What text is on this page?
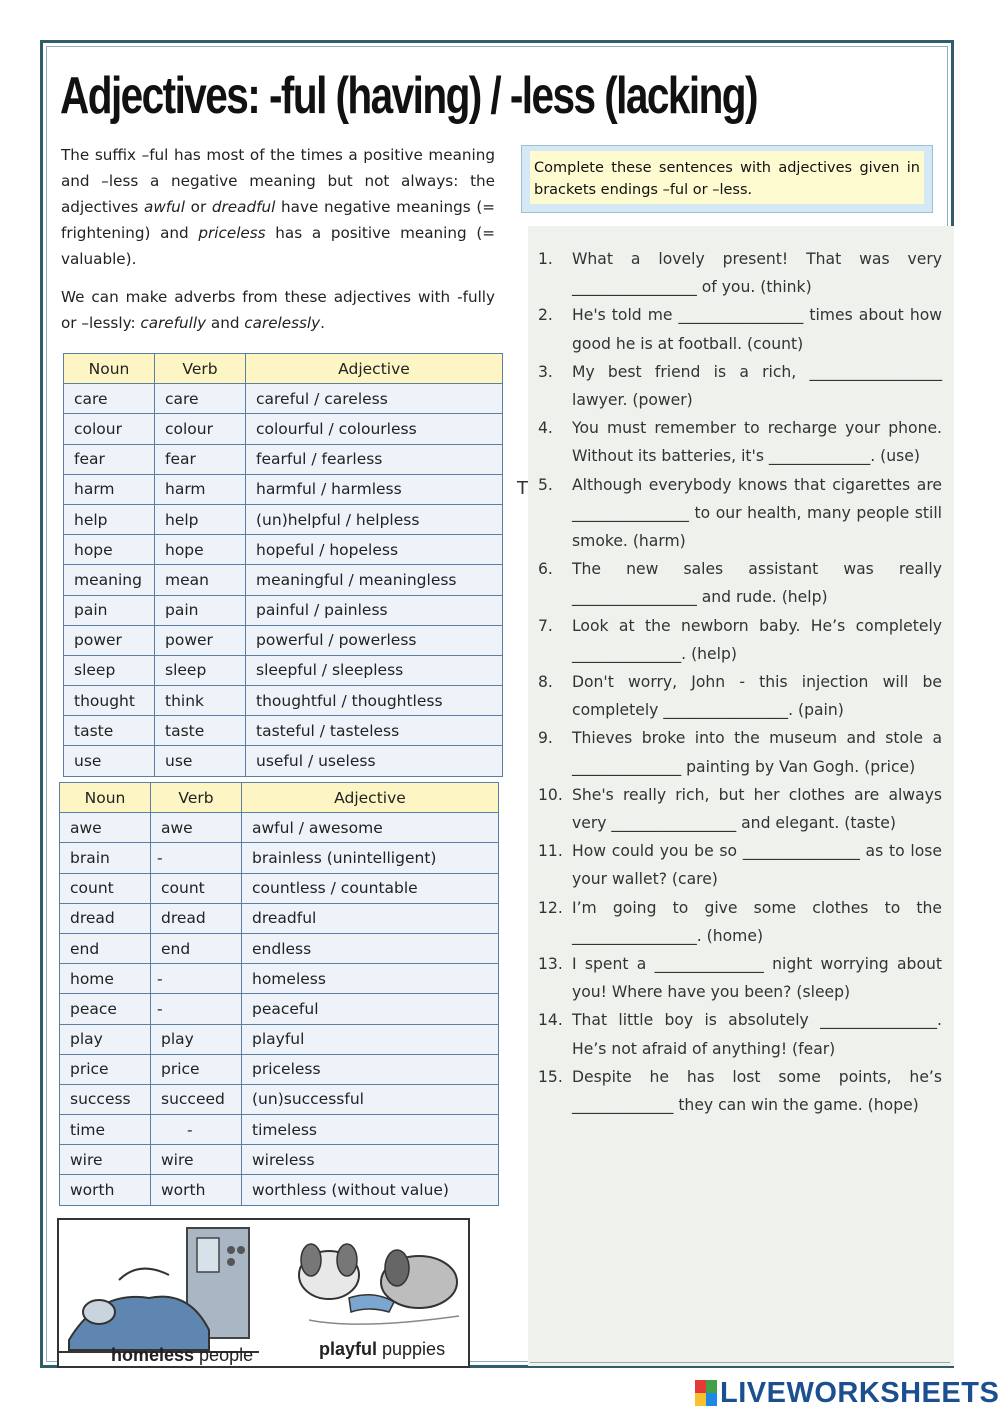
Adjectives: -ful (having) / -less (lacking)

The suffix –ful has most of the times a positive meaning and –less a negative meaning but not always: the adjectives awful or dreadful have negative meanings (= frightening) and priceless has a positive meaning (= valuable).

We can make adverbs from these adjectives with -fully or –lessly: carefully and carelessly.

Noun	Verb	Adjective
care	care	careful / careless
colour	colour	colourful / colourless
fear	fear	fearful / fearless
harm	harm	harmful / harmless
help	help	(un)helpful / helpless
hope	hope	hopeful / hopeless
meaning	mean	meaningful / meaningless
pain	pain	painful / painless
power	power	powerful / powerless
sleep	sleep	sleepful / sleepless
thought	think	thoughtful / thoughtless
taste	taste	tasteful / tasteless
use	use	useful / useless
Noun	Verb	Adjective
awe	awe	awful / awesome
brain	-	brainless (unintelligent)
count	count	countless / countable
dread	dread	dreadful
end	end	endless
home	-	homeless
peace	-	peaceful
play	play	playful
price	price	priceless
success	succeed	(un)successful
time	-	timeless
wire	wire	wireless
worth	worth	worthless (without value)
Complete these sentences with adjectives given in brackets endings –ful or –less.
T
1. What a lovely present! That was very ________________ of you. (think)
2. He's told me ________________ times about how good he is at football. (count)
3. My best friend is a rich, _________________ lawyer. (power)
4. You must remember to recharge your phone. Without its batteries, it's _____________. (use)
5. Although everybody knows that cigarettes are _______________ to our health, many people still smoke. (harm)
6. The new sales assistant was really ________________ and rude. (help)
7. Look at the newborn baby. He’s completely ______________. (help)
8. Don't worry, John - this injection will be completely ________________. (pain)
9. Thieves broke into the museum and stole a ______________ painting by Van Gogh. (price)
10. She's really rich, but her clothes are always very ________________ and elegant. (taste)
11. How could you be so _______________ as to lose your wallet? (care)
12. I’m going to give some clothes to the ________________. (home)
13. I spent a ______________ night worrying about you! Where have you been? (sleep)
14. That little boy is absolutely _______________. He’s not afraid of anything! (fear)
15. Despite he has lost some points, he’s _____________ they can win the game. (hope)
homeless people	playful puppies
LIVEWORKSHEETS
